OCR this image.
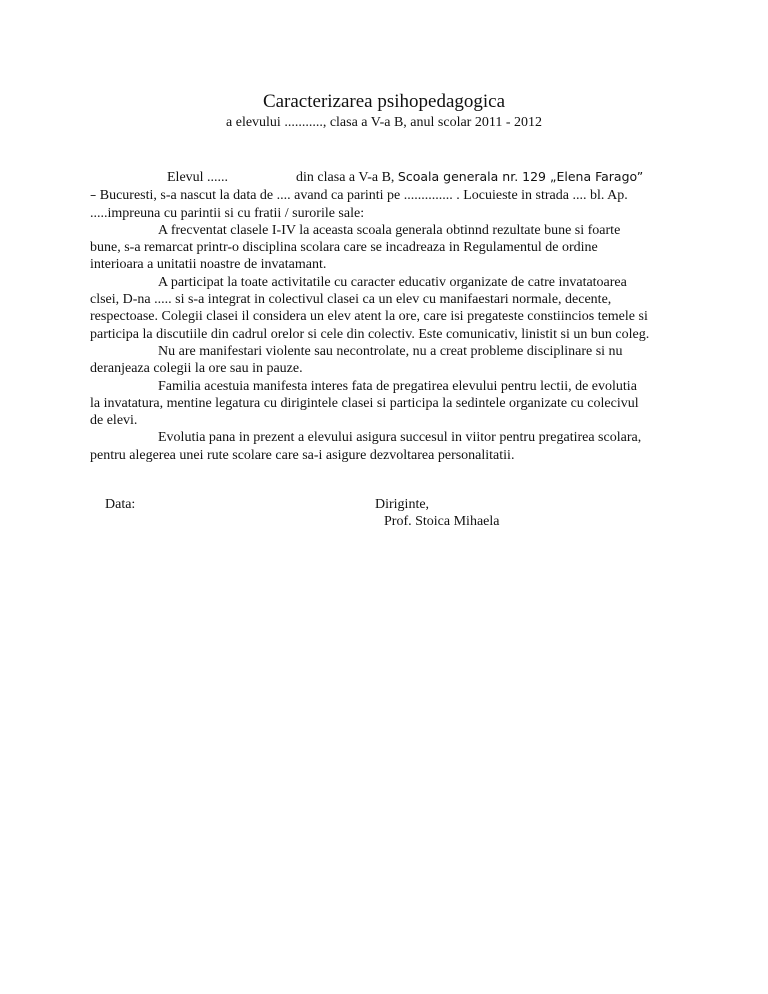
Caracterizarea psihopedagogica
a elevului ..........., clasa a V-a B, anul scolar 2011 - 2012

Elevul ......	din clasa a V-a B, Scoala generala nr. 129 „Elena Farago” – Bucuresti, s-a nascut la data de .... avand ca parinti pe .............. . Locuieste in strada .... bl. Ap. .....impreuna cu parintii si cu fratii / surorile sale:

A frecventat clasele I-IV la aceasta scoala generala obtinnd rezultate bune si foarte bune, s-a remarcat printr-o disciplina scolara care se incadreaza in Regulamentul de ordine interioara a unitatii noastre de invatamant.

A participat la toate activitatile cu caracter educativ organizate de catre invatatoarea clsei, D-na ..... si s-a integrat in colectivul clasei ca un elev cu manifaestari normale, decente, respectoase. Colegii clasei il considera un elev atent la ore, care isi pregateste constiincios temele si participa la discutiile din cadrul orelor si cele din colectiv. Este comunicativ, linistit si un bun coleg.

Nu are manifestari violente sau necontrolate, nu a creat probleme disciplinare si nu deranjeaza colegii la ore sau in pauze.

Familia acestuia manifesta interes fata de pregatirea elevului pentru lectii, de evolutia la invatatura, mentine legatura cu dirigintele clasei si participa la sedintele organizate cu colecivul de elevi.

Evolutia pana in prezent a elevului asigura succesul in viitor pentru pregatirea scolara, pentru alegerea unei rute scolare care sa-i asigure dezvoltarea personalitatii.

Data:	Diriginte,
Prof. Stoica Mihaela
